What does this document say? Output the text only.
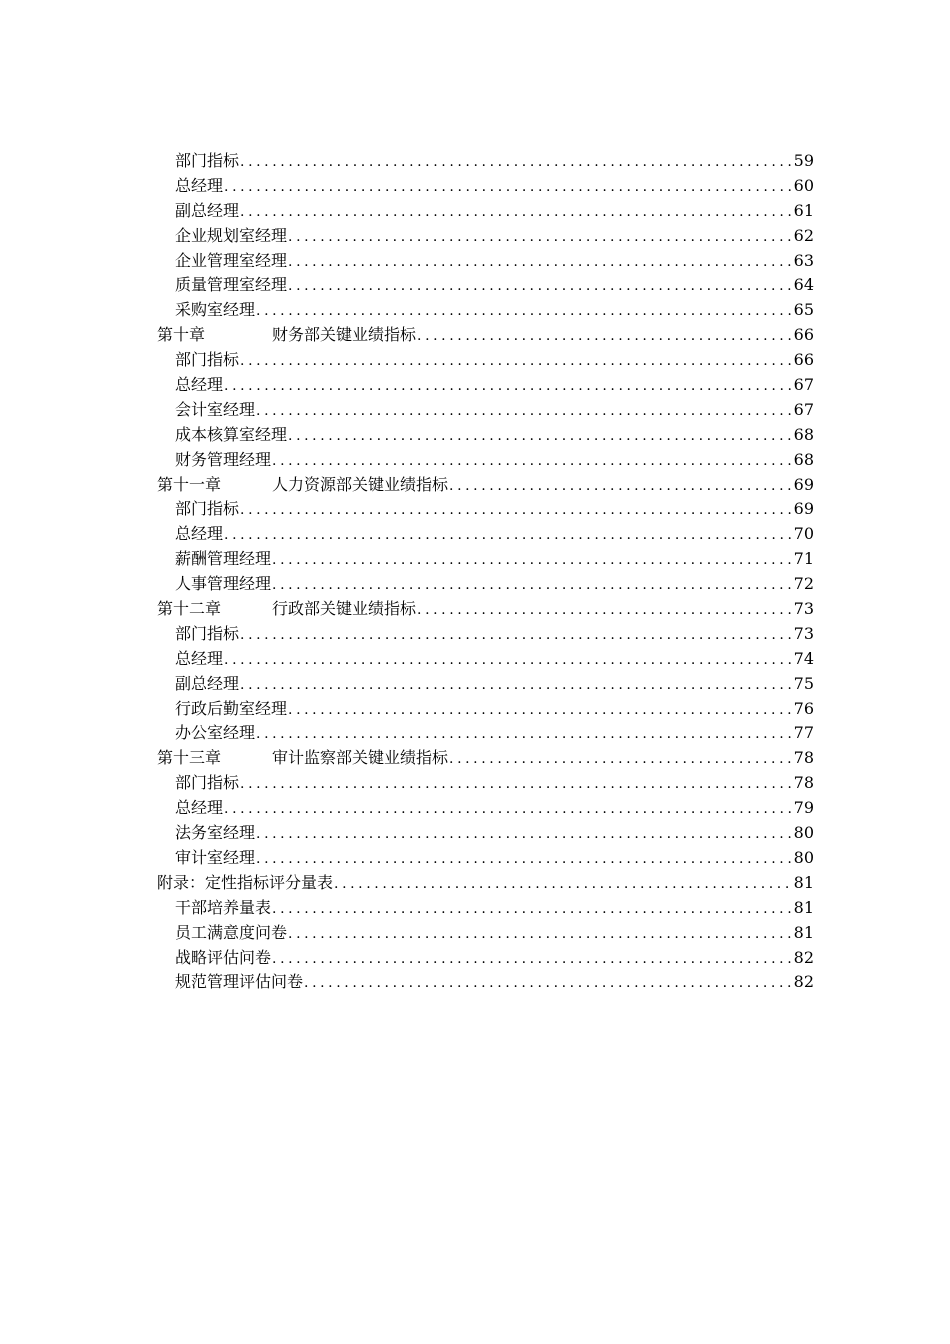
部门指标 .....	59
总经理 .....	60
副总经理 .....	61
企业规划室经理 .....	62
企业管理室经理 .....	63
质量管理室经理 .....	64
采购室经理 .....	65
第十章	财务部关键业绩指标 .....	66
部门指标 .....	66
总经理 .....	67
会计室经理 .....	67
成本核算室经理 .....	68
财务管理经理 .....	68
第十一章	人力资源部关键业绩指标 .....	69
部门指标 .....	69
总经理 .....	70
薪酬管理经理 .....	71
人事管理经理 .....	72
第十二章	行政部关键业绩指标 .....	73
部门指标 .....	73
总经理 .....	74
副总经理 .....	75
行政后勤室经理 .....	76
办公室经理 .....	77
第十三章	审计监察部关键业绩指标 .....	78
部门指标 .....	78
总经理 .....	79
法务室经理 .....	80
审计室经理 .....	80
附录： 定性指标评分量表 .....	81
干部培养量表 .....	81
员工满意度问卷 .....	81
战略评估问卷 .....	82
规范管理评估问卷 .....	82
